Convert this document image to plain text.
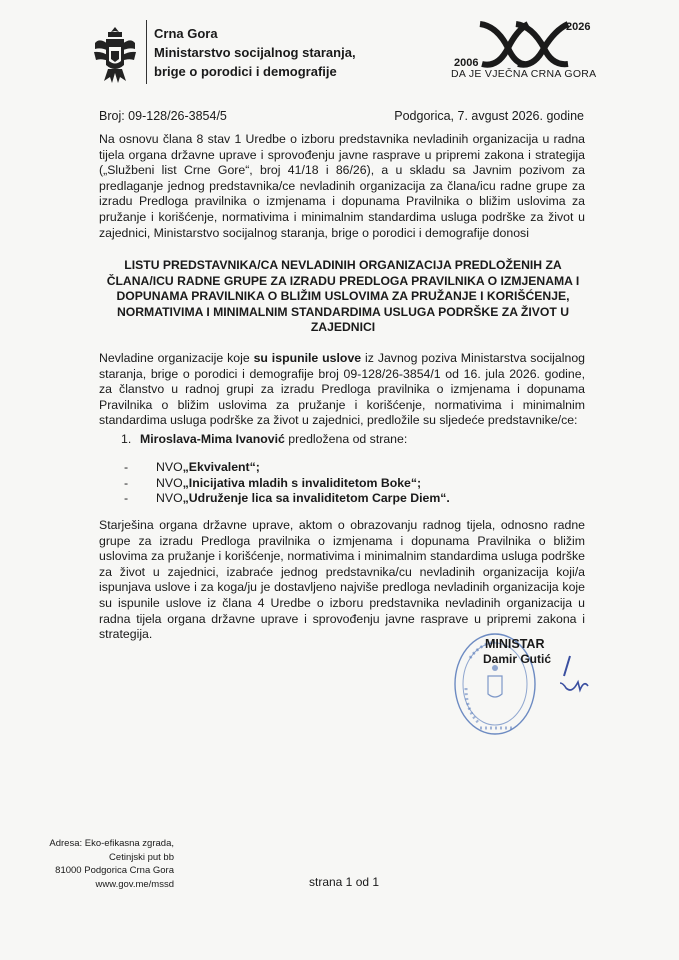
Crna Gora
Ministarstvo socijalnog staranja,
brige o porodici i demografije
2006
2026
DA JE VJEČNA CRNA GORA
Broj: 09-128/26-3854/5	Podgorica, 7. avgust 2026. godine
Na osnovu člana 8 stav 1 Uredbe o izboru predstavnika nevladinih organizacija u radna tijela organa državne uprave i sprovođenju javne rasprave u pripremi zakona i strategija („Službeni list Crne Gore“, broj 41/18 i 86/26), a u skladu sa Javnim pozivom za predlaganje jednog predstavnika/ce nevladinih organizacija za člana/icu radne grupe za izradu Predloga pravilnika o izmjenama i dopunama Pravilnika o bližim uslovima za pružanje i korišćenje, normativima i minimalnim standardima usluga podrške za život u zajednici, Ministarstvo socijalnog staranja, brige o porodici i demografije donosi
LISTU PREDSTAVNIKA/CA NEVLADINIH ORGANIZACIJA PREDLOŽENIH ZA ČLANA/ICU RADNE GRUPE ZA IZRADU PREDLOGA PRAVILNIKA O IZMJENAMA I DOPUNAMA PRAVILNIKA O BLIŽIM USLOVIMA ZA PRUŽANJE I KORIŠĆENJE, NORMATIVIMA I MINIMALNIM STANDARDIMA USLUGA PODRŠKE ZA ŽIVOT U ZAJEDNICI
Nevladine organizacije koje su ispunile uslove iz Javnog poziva Ministarstva socijalnog staranja, brige o porodici i demografije broj 09-128/26-3854/1 od 16. jula 2026. godine, za članstvo u radnoj grupi za izradu Predloga pravilnika o izmjenama i dopunama Pravilnika o bližim uslovima za pružanje i korišćenje, normativima i minimalnim standardima usluga podrške za život u zajednici, predložile su sljedeće predstavnike/ce:
1. Miroslava-Mima Ivanović predložena od strane:
-	NVO „Ekvivalent“;
-	NVO „Inicijativa mladih s invaliditetom Boke“;
-	NVO „Udruženje lica sa invaliditetom Carpe Diem“.
Starješina organa državne uprave, aktom o obrazovanju radnog tijela, odnosno radne grupe za izradu Predloga pravilnika o izmjenama i dopunama Pravilnika o bližim uslovima za pružanje i korišćenje, normativima i minimalnim standardima usluga podrške za život u zajednici, izabraće jednog predstavnika/cu nevladinih organizacija koji/a ispunjava uslove i za koga/ju je dostavljeno najviše predloga nevladinih organizacija koje su ispunile uslove iz člana 4 Uredbe o izboru predstavnika nevladinih organizacija u radna tijela organa državne uprave i sprovođenju javne rasprave u pripremi zakona i strategija.
MINISTAR
Damir Gutić
Adresa: Eko-efikasna zgrada,
Cetinjski put bb
81000 Podgorica Crna Gora
www.gov.me/mssd	strana 1 od 1
